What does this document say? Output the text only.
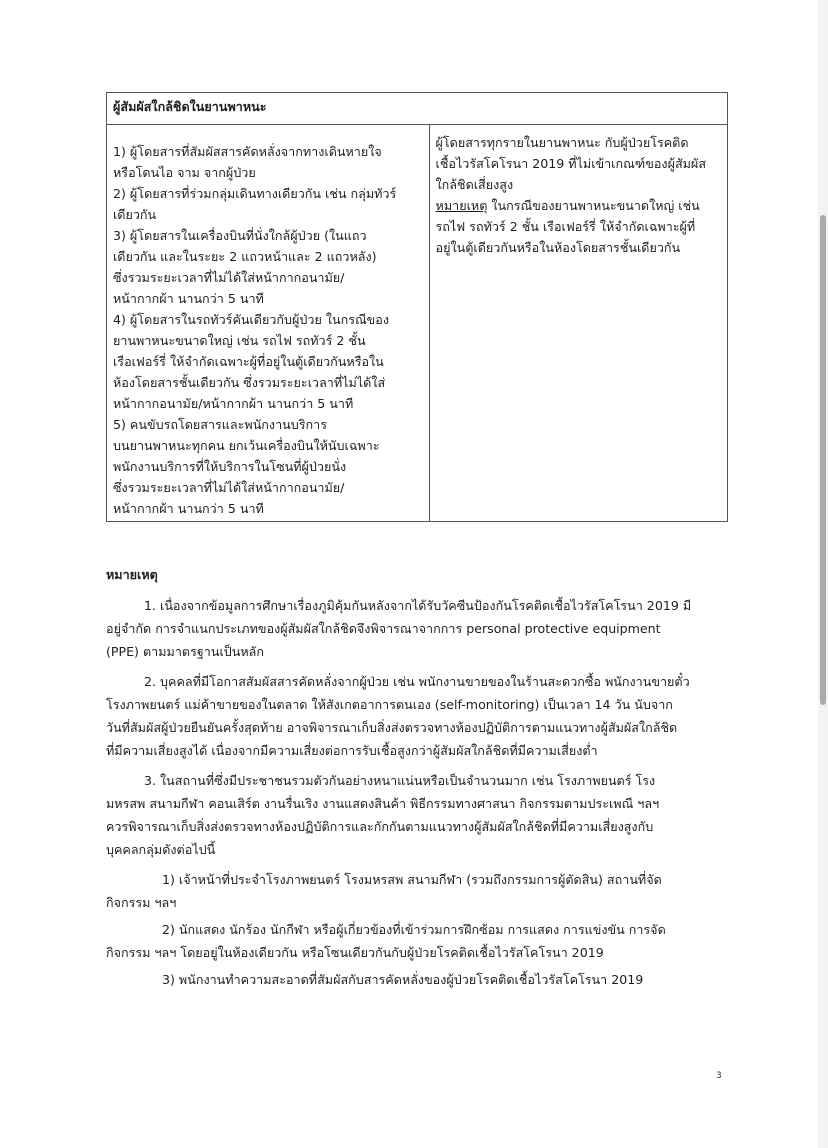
ผู้สัมผัสใกล้ชิดในยานพาหนะ

1) ผู้โดยสารที่สัมผัสสารคัดหลั่งจากทางเดินหายใจ
หรือโดนไอ จาม จากผู้ป่วย
2) ผู้โดยสารที่ร่วมกลุ่มเดินทางเดียวกัน เช่น กลุ่มทัวร์
เดียวกัน
3) ผู้โดยสารในเครื่องบินที่นั่งใกล้ผู้ป่วย (ในแถว
เดียวกัน และในระยะ 2 แถวหน้าและ 2 แถวหลัง)
ซึ่งรวมระยะเวลาที่ไม่ได้ใส่หน้ากากอนามัย/
หน้ากากผ้า นานกว่า 5 นาที
4) ผู้โดยสารในรถทัวร์คันเดียวกับผู้ป่วย ในกรณีของ
ยานพาหนะขนาดใหญ่ เช่น รถไฟ รถทัวร์ 2 ชั้น
เรือเฟอร์รี่ ให้จำกัดเฉพาะผู้ที่อยู่ในตู้เดียวกันหรือใน
ห้องโดยสารชั้นเดียวกัน ซึ่งรวมระยะเวลาที่ไม่ได้ใส่
หน้ากากอนามัย/หน้ากากผ้า นานกว่า 5 นาที
5) คนขับรถโดยสารและพนักงานบริการ
บนยานพาหนะทุกคน ยกเว้นเครื่องบินให้นับเฉพาะ
พนักงานบริการที่ให้บริการในโซนที่ผู้ป่วยนั่ง
ซึ่งรวมระยะเวลาที่ไม่ได้ใส่หน้ากากอนามัย/
หน้ากากผ้า นานกว่า 5 นาที

ผู้โดยสารทุกรายในยานพาหนะ กับผู้ป่วยโรคติด
เชื้อไวรัสโคโรนา 2019 ที่ไม่เข้าเกณฑ์ของผู้สัมผัส
ใกล้ชิดเสี่ยงสูง
หมายเหตุ ในกรณีของยานพาหนะขนาดใหญ่ เช่น
รถไฟ รถทัวร์ 2 ชั้น เรือเฟอร์รี่ ให้จำกัดเฉพาะผู้ที่
อยู่ในตู้เดียวกันหรือในห้องโดยสารชั้นเดียวกัน
หมายเหตุ
1. เนื่องจากข้อมูลการศึกษาเรื่องภูมิคุ้มกันหลังจากได้รับวัคซีนป้องกันโรคติดเชื้อไวรัสโคโรนา 2019 มี
อยู่จำกัด การจำแนกประเภทของผู้สัมผัสใกล้ชิดจึงพิจารณาจากการ personal protective equipment
(PPE) ตามมาตรฐานเป็นหลัก
2. บุคคลที่มีโอกาสสัมผัสสารคัดหลั่งจากผู้ป่วย เช่น พนักงานขายของในร้านสะดวกซื้อ พนักงานขายตั๋ว
โรงภาพยนตร์ แม่ค้าขายของในตลาด ให้สังเกตอาการตนเอง (self-monitoring) เป็นเวลา 14 วัน นับจาก
วันที่สัมผัสผู้ป่วยยืนยันครั้งสุดท้าย อาจพิจารณาเก็บสิ่งส่งตรวจทางห้องปฏิบัติการตามแนวทางผู้สัมผัสใกล้ชิด
ที่มีความเสี่ยงสูงได้ เนื่องจากมีความเสี่ยงต่อการรับเชื้อสูงกว่าผู้สัมผัสใกล้ชิดที่มีความเสี่ยงต่ำ
3. ในสถานที่ซึ่งมีประชาชนรวมตัวกันอย่างหนาแน่นหรือเป็นจำนวนมาก เช่น โรงภาพยนตร์ โรง
มหรสพ สนามกีฬา คอนเสิร์ต งานรื่นเริง งานแสดงสินค้า พิธีกรรมทางศาสนา กิจกรรมตามประเพณี ฯลฯ
ควรพิจารณาเก็บสิ่งส่งตรวจทางห้องปฏิบัติการและกักกันตามแนวทางผู้สัมผัสใกล้ชิดที่มีความเสี่ยงสูงกับ
บุคคลกลุ่มดังต่อไปนี้
1) เจ้าหน้าที่ประจำโรงภาพยนตร์ โรงมหรสพ สนามกีฬา (รวมถึงกรรมการผู้ตัดสิน) สถานที่จัด
กิจกรรม ฯลฯ
2) นักแสดง นักร้อง นักกีฬา หรือผู้เกี่ยวข้องที่เข้าร่วมการฝึกซ้อม การแสดง การแข่งขัน การจัด
กิจกรรม ฯลฯ โดยอยู่ในห้องเดียวกัน หรือโซนเดียวกันกับผู้ป่วยโรคติดเชื้อไวรัสโคโรนา 2019
3) พนักงานทำความสะอาดที่สัมผัสกับสารคัดหลั่งของผู้ป่วยโรคติดเชื้อไวรัสโคโรนา 2019
3
